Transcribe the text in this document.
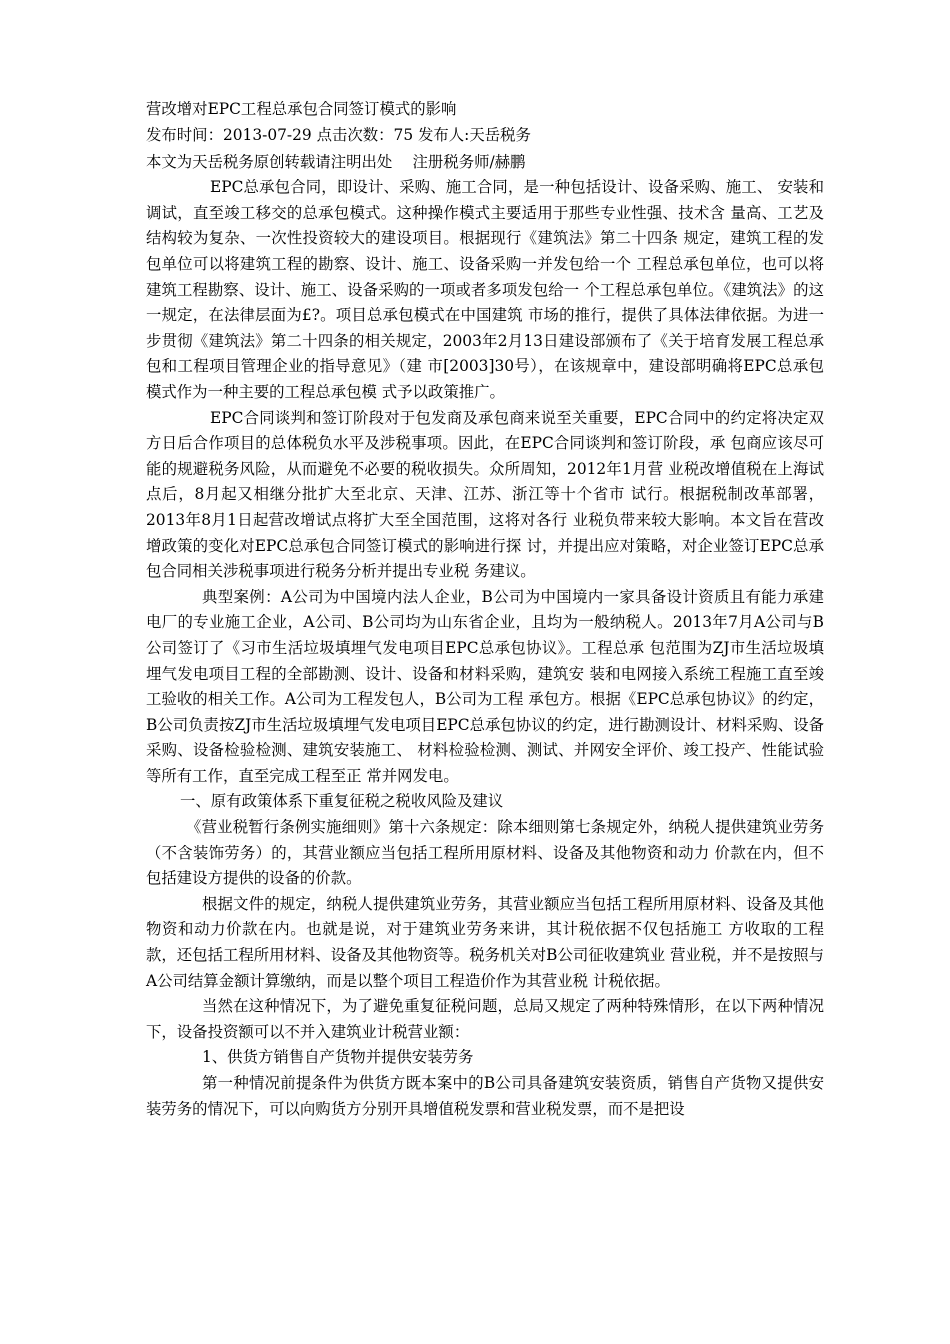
营改增对EPC工程总承包合同签订模式的影响

发布时间：2013-07-29 点击次数：75 发布人:天岳税务

本文为天岳税务原创转载请注明出处　 注册税务师/赫鹏

EPC总承包合同，即设计、采购、施工合同，是一种包括设计、设备采购、施工、 安装和调试，直至竣工移交的总承包模式。这种操作模式主要适用于那些专业性强、技术含 量高、工艺及结构较为复杂、一次性投资较大的建设项目。根据现行《建筑法》第二十四条 规定，建筑工程的发包单位可以将建筑工程的勘察、设计、施工、设备采购一并发包给一个 工程总承包单位，也可以将建筑工程勘察、设计、施工、设备采购的一项或者多项发包给一 个工程总承包单位。《建筑法》的这一规定，在法律层面为£?。项目总承包模式在中国建筑 市场的推行，提供了具体法律依据。为进一步贯彻《建筑法》第二十四条的相关规定，2003年2月13日建设部颁布了《关于培育发展工程总承包和工程项目管理企业的指导意见》（建 市[2003]30号），在该规章中，建设部明确将EPC总承包模式作为一种主要的工程总承包模 式予以政策推广。

EPC合同谈判和签订阶段对于包发商及承包商来说至关重要，EPC合同中的约定将决定双方日后合作项目的总体税负水平及涉税事项。因此，在EPC合同谈判和签订阶段，承 包商应该尽可能的规避税务风险，从而避免不必要的税收损失。众所周知，2012年1月营 业税改增值税在上海试点后，8月起又相继分批扩大至北京、天津、江苏、浙江等十个省市 试行。根据税制改革部署，2013年8月1日起营改增试点将扩大至全国范围，这将对各行 业税负带来较大影响。本文旨在营改增政策的变化对EPC总承包合同签订模式的影响进行探 讨，并提出应对策略，对企业签订EPC总承包合同相关涉税事项进行税务分析并提出专业税 务建议。

典型案例：A公司为中国境内法人企业，B公司为中国境内一家具备设计资质且有能力承建电厂的专业施工企业，A公司、B公司均为山东省企业，且均为一般纳税人。2013年7月A公司与B公司签订了《习市生活垃圾填埋气发电项目EPC总承包协议》。工程总承 包范围为ZJ市生活垃圾填埋气发电项目工程的全部勘测、设计、设备和材料采购，建筑安 装和电网接入系统工程施工直至竣工验收的相关工作。A公司为工程发包人，B公司为工程 承包方。根据《EPC总承包协议》的约定，B公司负责按ZJ市生活垃圾填埋气发电项目EPC总承包协议的约定，进行勘测设计、材料采购、设备采购、设备检验检测、建筑安装施工、 材料检验检测、测试、并网安全评价、竣工投产、性能试验等所有工作，直至完成工程至正 常并网发电。

一、原有政策体系下重复征税之税收风险及建议

《营业税暂行条例实施细则》第十六条规定：除本细则第七条规定外，纳税人提供建筑业劳务（不含装饰劳务）的，其营业额应当包括工程所用原材料、设备及其他物资和动力 价款在内，但不包括建设方提供的设备的价款。

根据文件的规定，纳税人提供建筑业劳务，其营业额应当包括工程所用原材料、设备及其他物资和动力价款在内。也就是说，对于建筑业劳务来讲，其计税依据不仅包括施工 方收取的工程款，还包括工程所用材料、设备及其他物资等。税务机关对B公司征收建筑业 营业税，并不是按照与A公司结算金额计算缴纳，而是以整个项目工程造价作为其营业税 计税依据。

当然在这种情况下，为了避免重复征税问题，总局又规定了两种特殊情形，在以下两种情况下，设备投资额可以不并入建筑业计税营业额：

1、供货方销售自产货物并提供安装劳务

第一种情况前提条件为供货方既本案中的B公司具备建筑安装资质，销售自产货物又提供安装劳务的情况下，可以向购货方分别开具增值税发票和营业税发票，而不是把设
